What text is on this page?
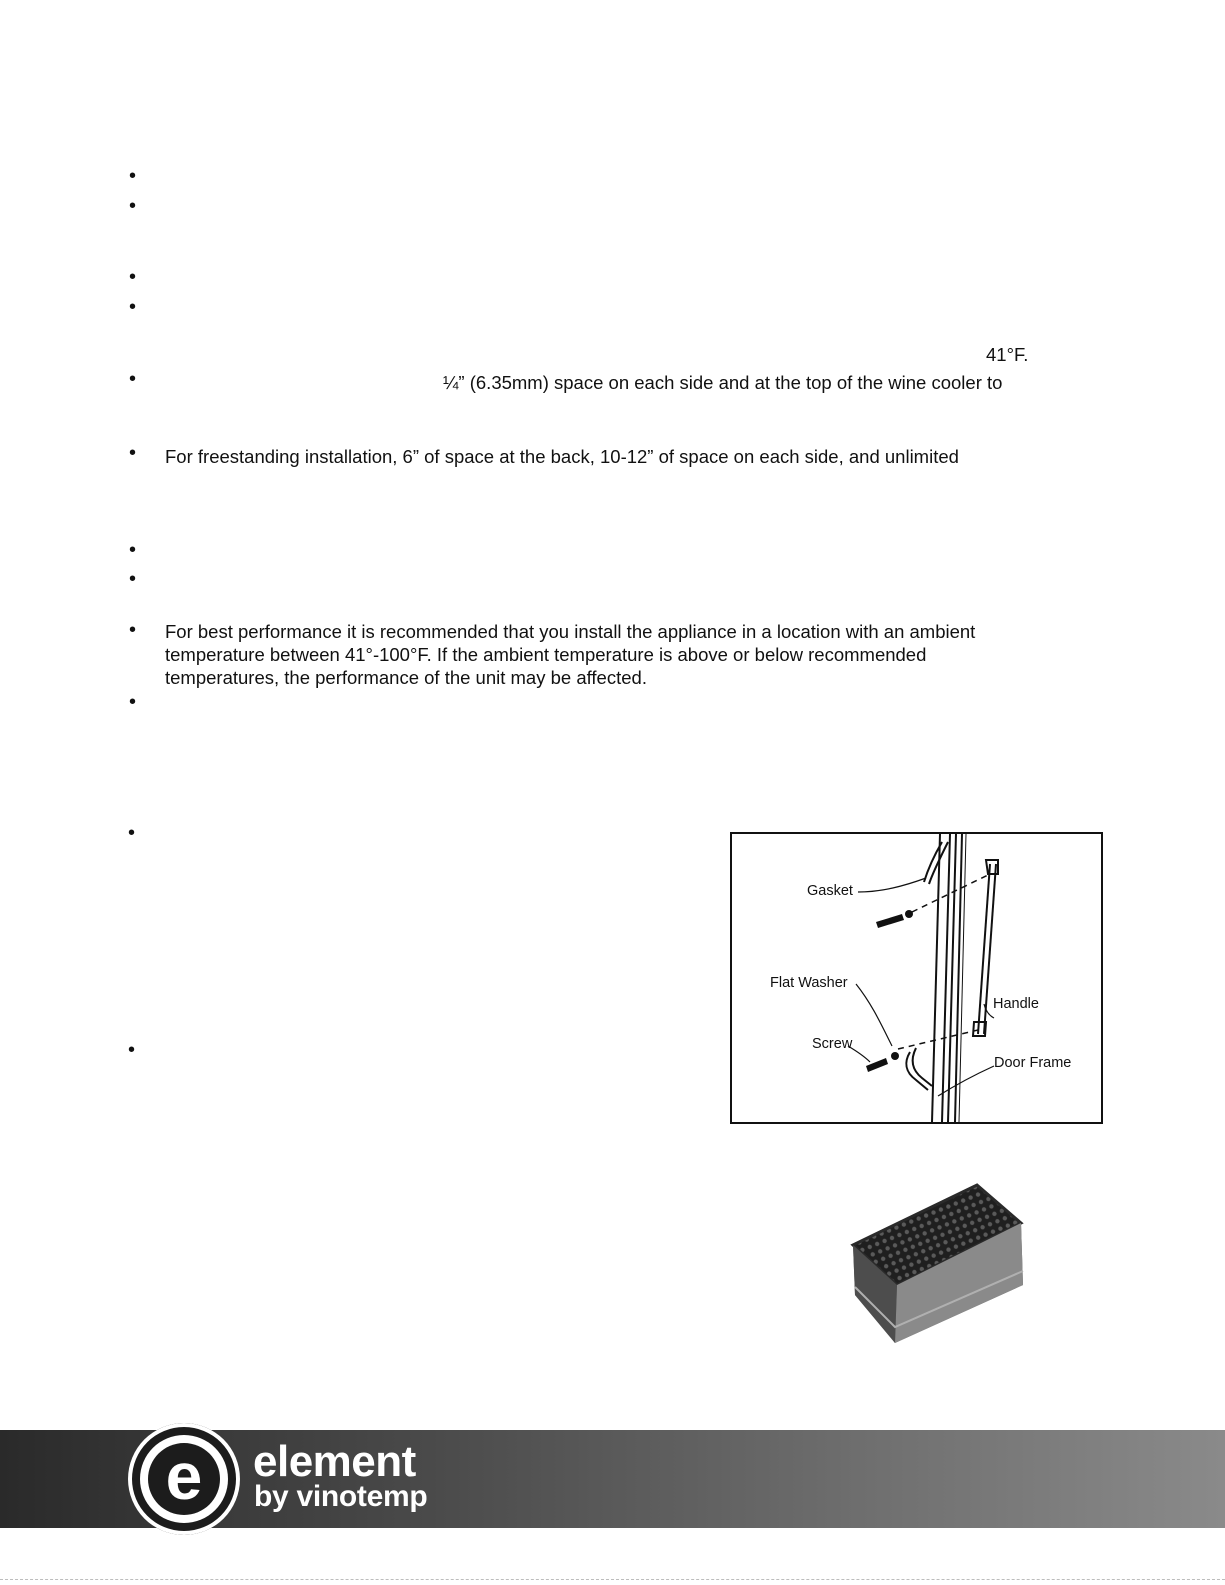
•
•
•
•
•
•
•
•
•
•
•
•
41°F.
¼” (6.35mm) space on each side and at the top of the wine cooler to
For freestanding installation, 6” of space at the back, 10-12” of space on each side, and unlimited
For best performance it is recommended that you install the appliance in a location with an ambient
temperature between 41°-100°F. If the ambient temperature is above or below recommended
temperatures, the performance of the unit may be affected.
Gasket
Flat Washer
Handle
Screw
Door Frame
e	element
by vinotemp
